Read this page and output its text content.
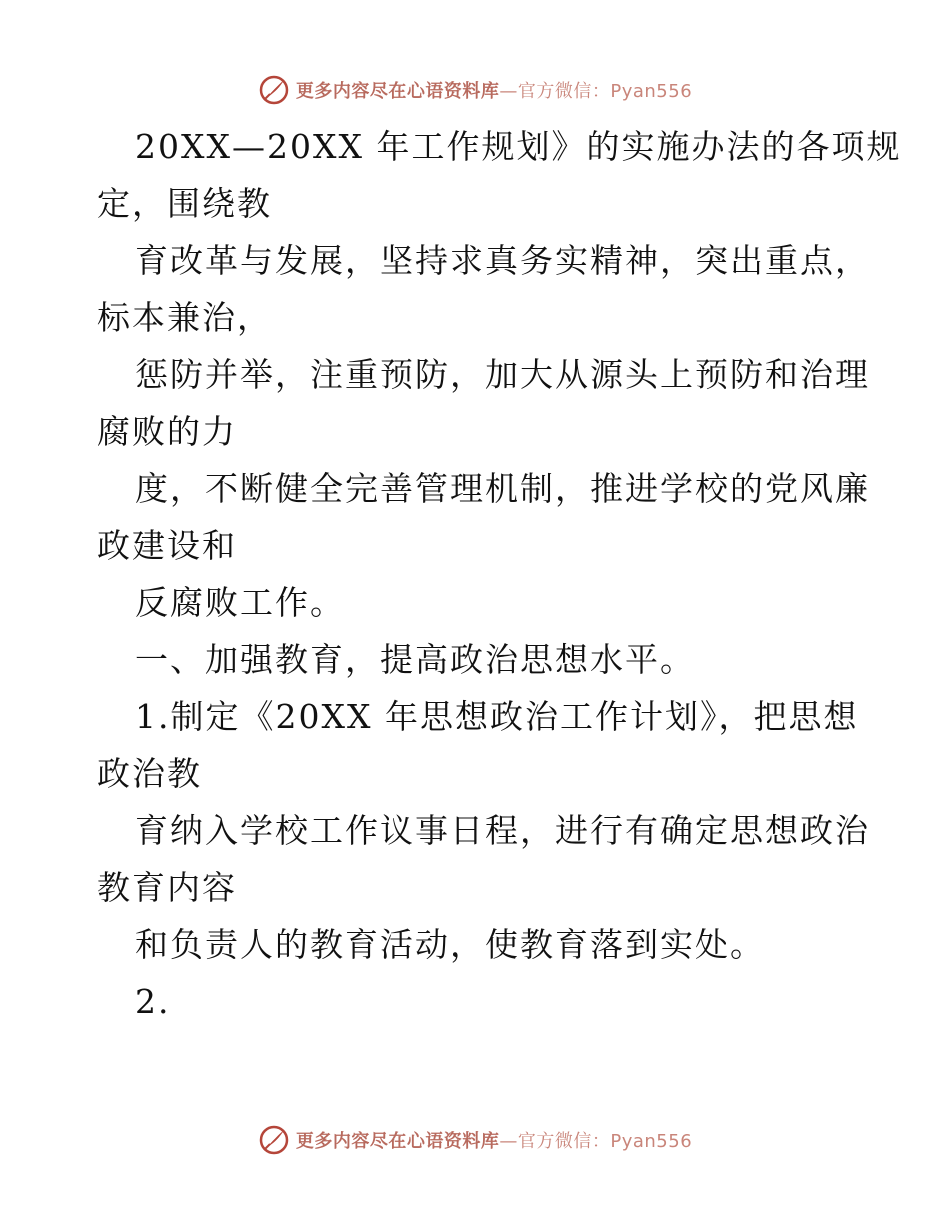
更多内容尽在心语资料库—官方微信：Pyan556
20XX—20XX 年工作规划》的实施办法的各项规
定，围绕教
育改革与发展，坚持求真务实精神，突出重点，
标本兼治，
惩防并举，注重预防，加大从源头上预防和治理
腐败的力
度，不断健全完善管理机制，推进学校的党风廉
政建设和
反腐败工作。
一、加强教育，提高政治思想水平。
1.制定《20XX 年思想政治工作计划》，把思想
政治教
育纳入学校工作议事日程，进行有确定思想政治
教育内容
和负责人的教育活动，使教育落到实处。
2.
更多内容尽在心语资料库—官方微信：Pyan556
